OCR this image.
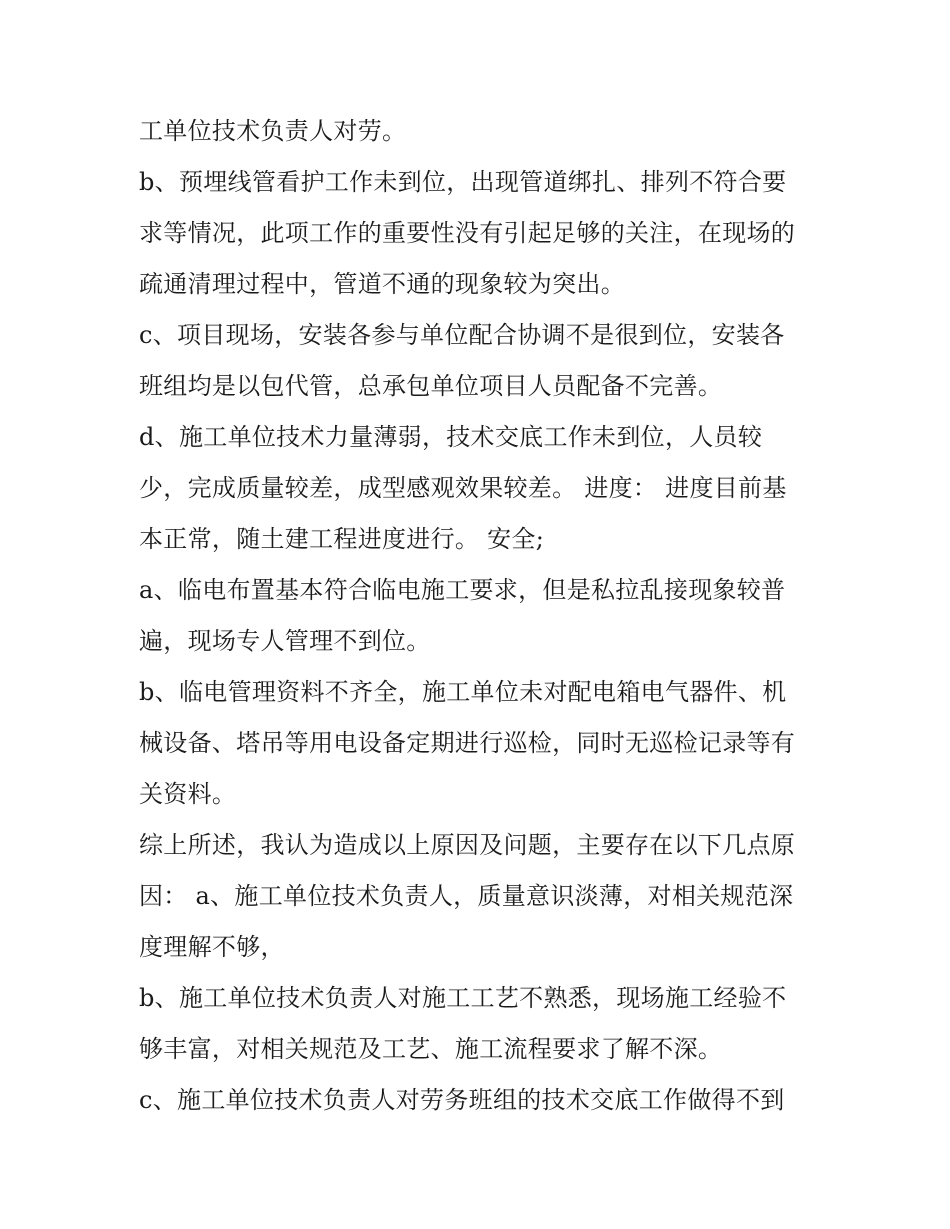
工单位技术负责人对劳。
b、预埋线管看护工作未到位，出现管道绑扎、排列不符合要
求等情况，此项工作的重要性没有引起足够的关注，在现场的
疏通清理过程中，管道不通的现象较为突出。
c、项目现场，安装各参与单位配合协调不是很到位，安装各
班组均是以包代管，总承包单位项目人员配备不完善。
d、施工单位技术力量薄弱，技术交底工作未到位，人员较
少，完成质量较差，成型感观效果较差。 进度： 进度目前基
本正常，随土建工程进度进行。 安全;
a、临电布置基本符合临电施工要求，但是私拉乱接现象较普
遍，现场专人管理不到位。
b、临电管理资料不齐全，施工单位未对配电箱电气器件、机
械设备、塔吊等用电设备定期进行巡检，同时无巡检记录等有
关资料。
综上所述，我认为造成以上原因及问题，主要存在以下几点原
因： a、施工单位技术负责人，质量意识淡薄，对相关规范深
度理解不够，
b、施工单位技术负责人对施工工艺不熟悉，现场施工经验不
够丰富，对相关规范及工艺、施工流程要求了解不深。
c、施工单位技术负责人对劳务班组的技术交底工作做得不到
